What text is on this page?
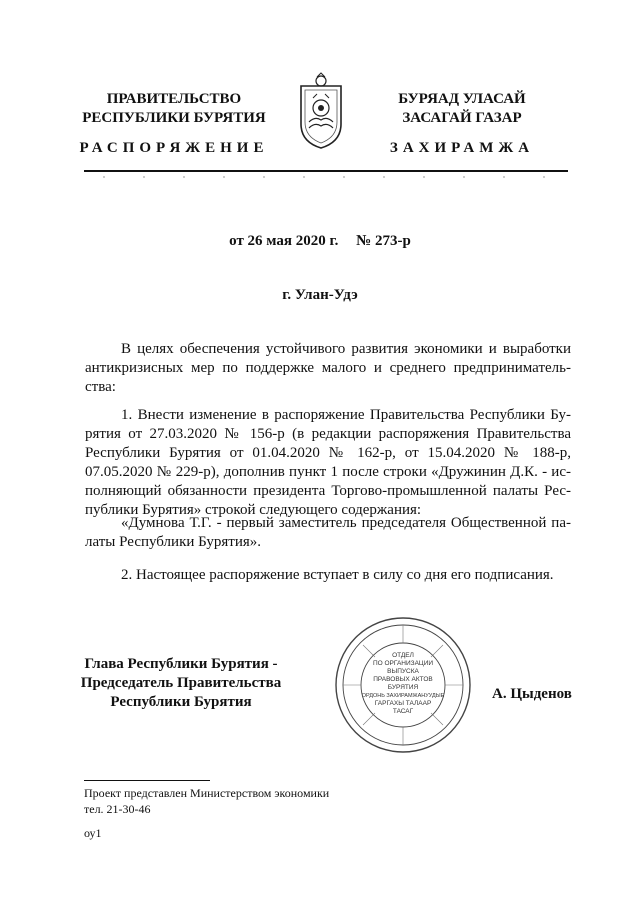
ПРАВИТЕЛЬСТВО
РЕСПУБЛИКИ БУРЯТИЯ
РАСПОРЯЖЕНИЕ
БУРЯАД УЛАСАЙ
ЗАСАГАЙ ГАЗАР
ЗАХИРАМЖА
от 26 мая 2020 г. № 273-р
г. Улан-Удэ
В целях обеспечения устойчивого развития экономики и выработки антикризисных мер по поддержке малого и среднего предприниматель-ства:
1. Внести изменение в распоряжение Правительства Республики Бу-рятия от 27.03.2020 № 156-р (в редакции распоряжения Правительства Республики Бурятия от 01.04.2020 № 162-р, от 15.04.2020 № 188-р, 07.05.2020 № 229-р), дополнив пункт 1 после строки «Дружинин Д.К. - ис-полняющий обязанности президента Торгово-промышленной палаты Рес-публики Бурятия» строкой следующего содержания:
«Думнова Т.Г. - первый заместитель председателя Общественной па-латы Республики Бурятия».
2. Настоящее распоряжение вступает в силу со дня его подписания.
Глава Республики Бурятия -
Председатель Правительства
Республики Бурятия
ОТДЕЛ
ПО ОРГАНИЗАЦИИ
ВЫПУСКА
ПРАВОВЫХ АКТОВ
БУРЯТИЯ
ОРДОНЬ ЗАХИРАМЖАНУУДЫЕ
ГАРГАХЫ ТАЛААР
ТАСАГ
А. Цыденов
Проект представлен Министерством экономики
тел. 21-30-46
оу1
